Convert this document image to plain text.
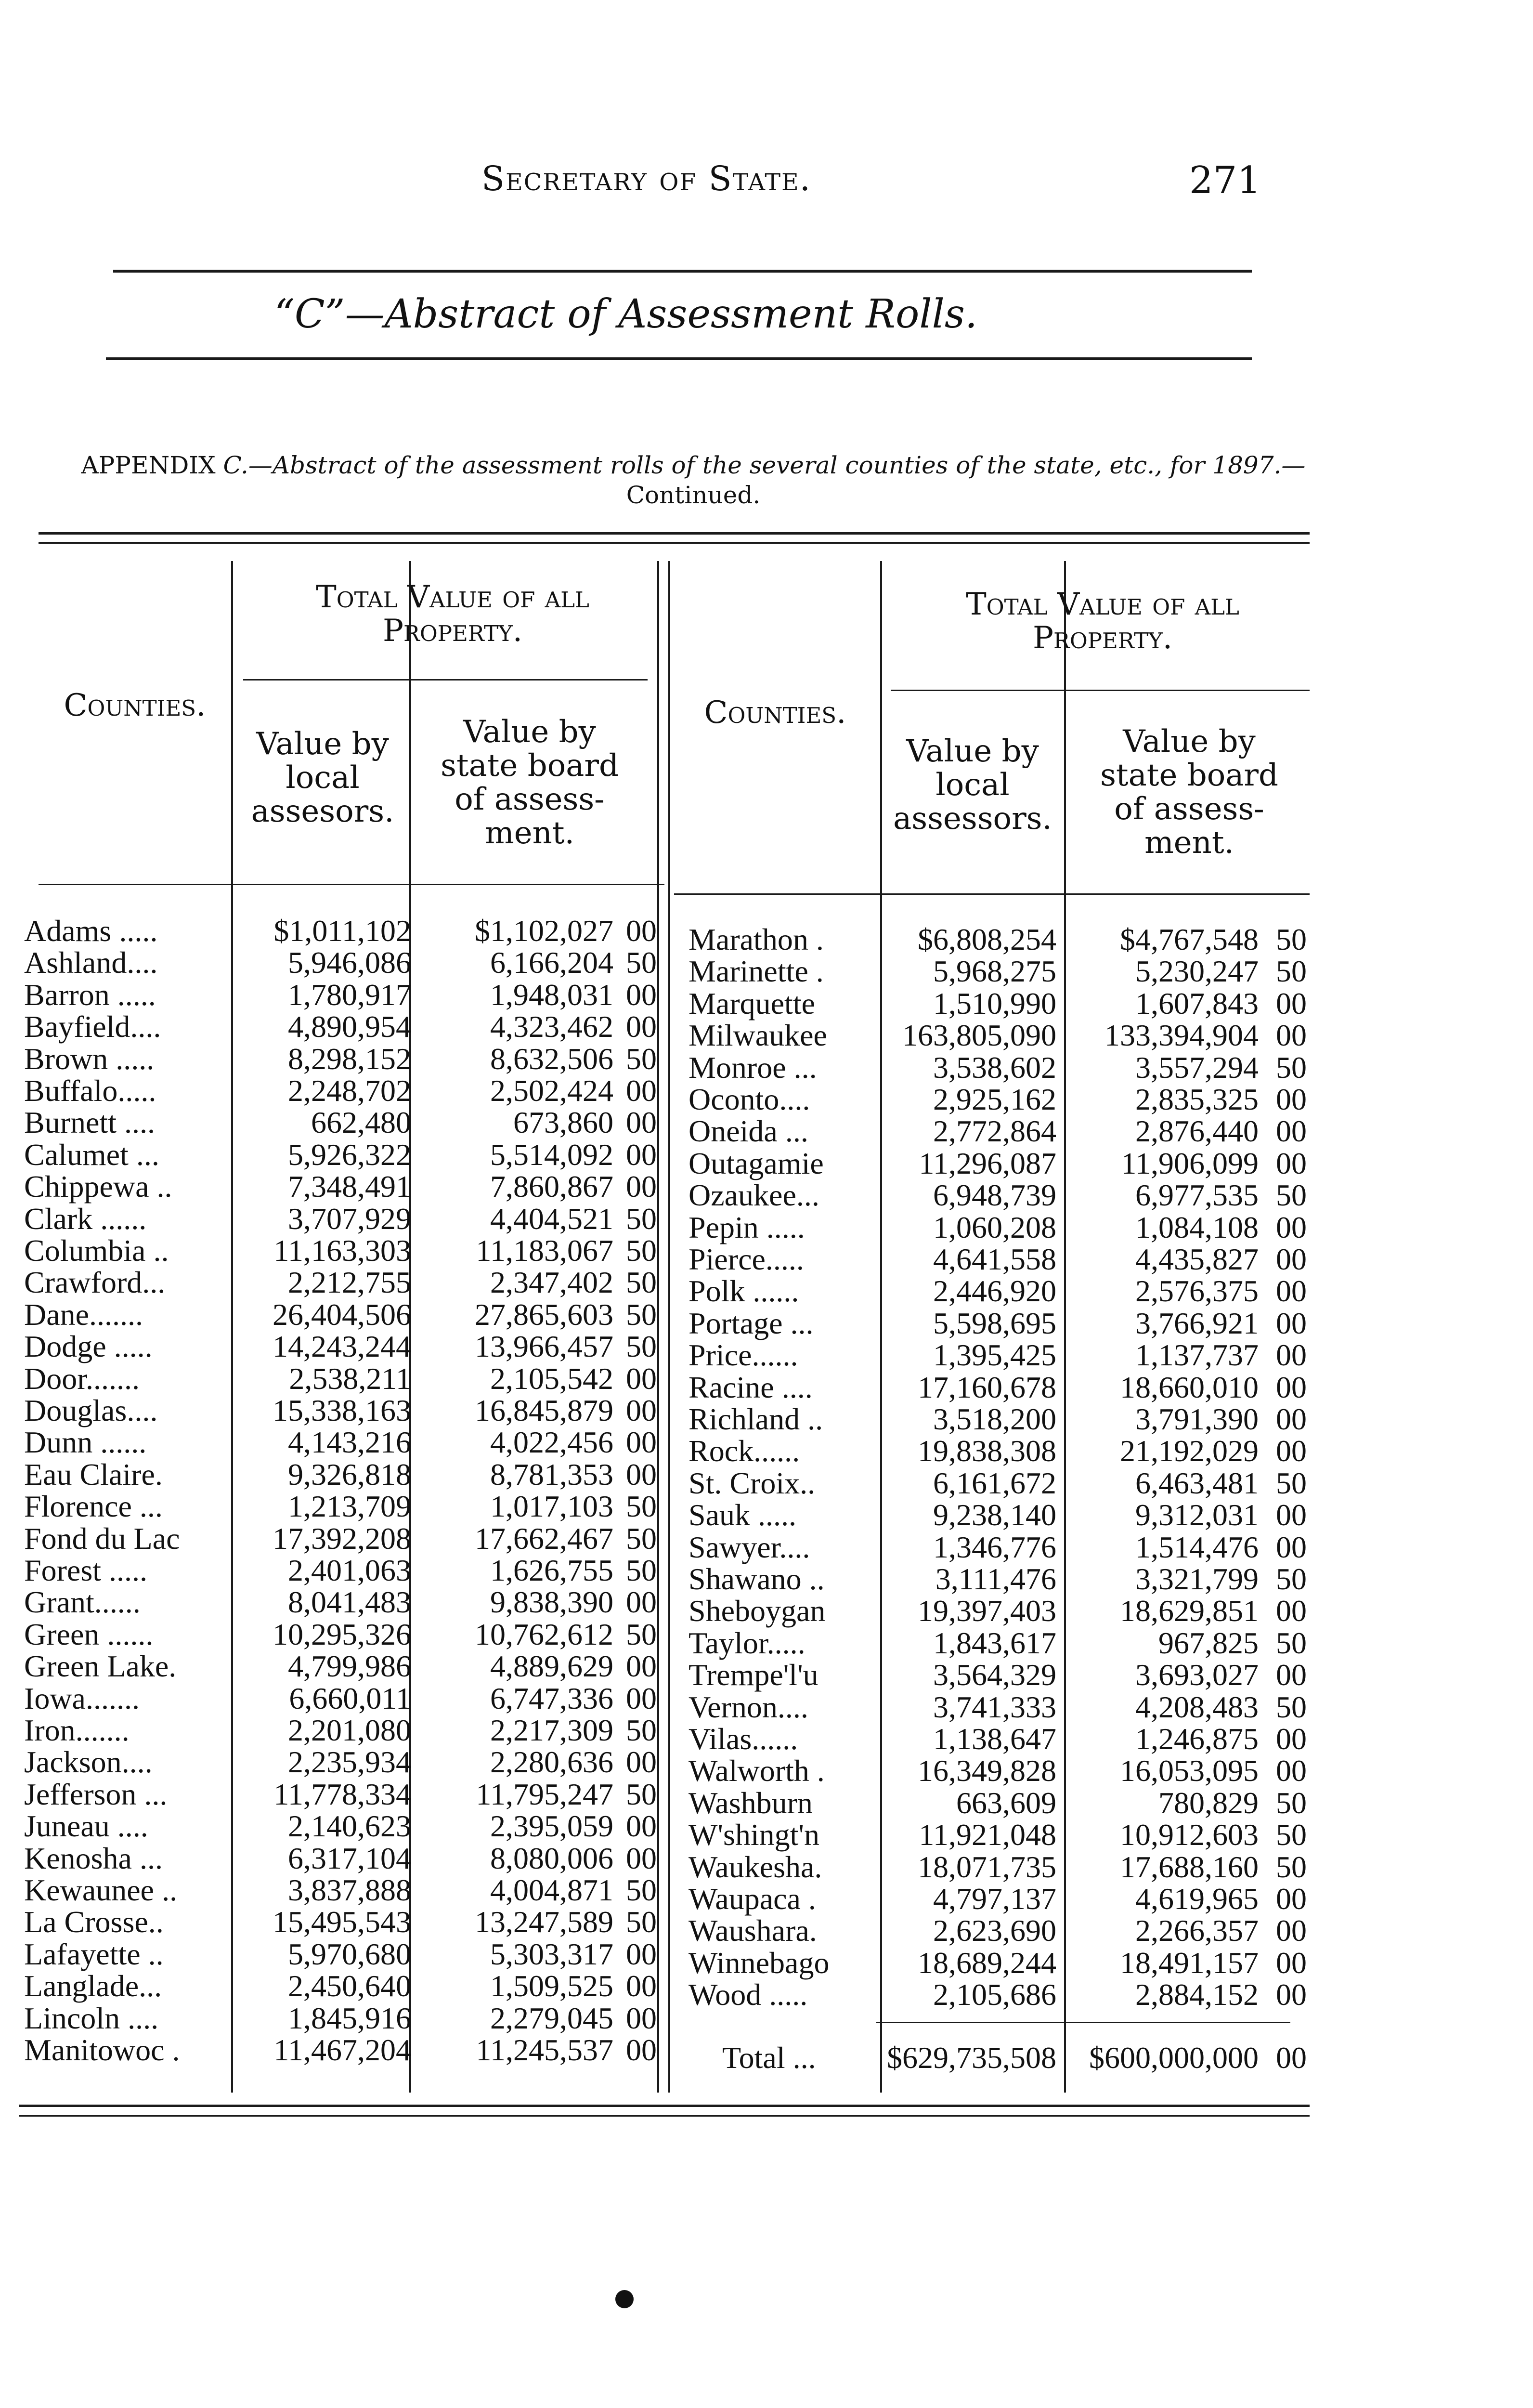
Secretary of State.	271
“C”—Abstract of Assessment Rolls.
APPENDIX C.—Abstract of the assessment rolls of the several counties of the state, etc., for 1897.—
Continued.
Counties.
Total Value of all Property.
Value by local assesors.
Value by state board of assess-ment.
Counties.
Total Value of all Property.
Value by local assessors.
Value by state board of assess-ment.
Adams .....	$1,011,102 $1,102,027 00
Ashland....	5,946,086	6,166,204 50
Barron .....	1,780,917	1,948,031 00
Bayfield....	4,890,954	4,323,462 00
Brown .....	8,298,152	8,632,506 50
Buffalo.....	2,248,702	2,502,424 00
Burnett ....	662,480	673,860 00
Calumet ...	5,926,322	5,514,092 00
Chippewa ..	7,348,491	7,860,867 00
Clark ......	3,707,929	4,404,521 50
Columbia ..	11,163,303 11,183,067 50
Crawford...	2,212,755	2,347,402 50
Dane.......	26,404,506 27,865,603 50
Dodge .....	14,243,244 13,966,457 50
Door.......	2,538,211	2,105,542 00
Douglas....	15,338,163 16,845,879 00
Dunn ......	4,143,216	4,022,456 00
Eau Claire.	9,326,818	8,781,353 00
Florence ...	1,213,709	1,017,103 50
Fond du Lac	17,392,208 17,662,467 50
Forest .....	2,401,063	1,626,755 50
Grant......	8,041,483	9,838,390 00
Green ......	10,295,326 10,762,612 50
Green Lake.	4,799,986	4,889,629 00
Iowa.......	6,660,011	6,747,336 00
Iron.......	2,201,080	2,217,309 50
Jackson....	2,235,934	2,280,636 00
Jefferson ...	11,778,334 11,795,247 50
Juneau ....	2,140,623	2,395,059 00
Kenosha ...	6,317,104	8,080,006 00
Kewaunee ..	3,837,888	4,004,871 50
La Crosse..	15,495,543 13,247,589 50
Lafayette ..	5,970,680	5,303,317 00
Langlade...	2,450,640	1,509,525 00
Lincoln ....	1,845,916	2,279,045 00
Manitowoc .	11,467,204 11,245,537 00
Marathon .	$6,808,254 $4,767,548 50
Marinette .	5,968,275	5,230,247 50
Marquette	1,510,990	1,607,843 00
Milwaukee 163,805,090 133,394,904 00
Monroe ...	3,538,602	3,557,294 50
Oconto....	2,925,162	2,835,325 00
Oneida ...	2,772,864	2,876,440 00
Outagamie	11,296,087 11,906,099 00
Ozaukee...	6,948,739	6,977,535 50
Pepin .....	1,060,208	1,084,108 00
Pierce.....	4,641,558	4,435,827 00
Polk ......	2,446,920	2,576,375 00
Portage ...	5,598,695	3,766,921 00
Price......	1,395,425	1,137,737 00
Racine ....	17,160,678 18,660,010 00
Richland ..	3,518,200	3,791,390 00
Rock......	19,838,308 21,192,029 00
St. Croix..	6,161,672	6,463,481 50
Sauk .....	9,238,140	9,312,031 00
Sawyer....	1,346,776	1,514,476 00
Shawano ..	3,111,476	3,321,799 50
Sheboygan	19,397,403 18,629,851 00
Taylor.....	1,843,617	967,825 50
Trempe'l'u	3,564,329	3,693,027 00
Vernon....	3,741,333	4,208,483 50
Vilas......	1,138,647	1,246,875 00
Walworth .	16,349,828 16,053,095 00
Washburn	663,609	780,829 50
W'shingt'n	11,921,048 10,912,603 50
Waukesha.	18,071,735 17,688,160 50
Waupaca .	4,797,137	4,619,965 00
Waushara.	2,623,690	2,266,357 00
Winnebago	18,689,244 18,491,157 00
Wood .....	2,105,686	2,884,152 00
Total ... $629,735,508 $600,000,000 00
